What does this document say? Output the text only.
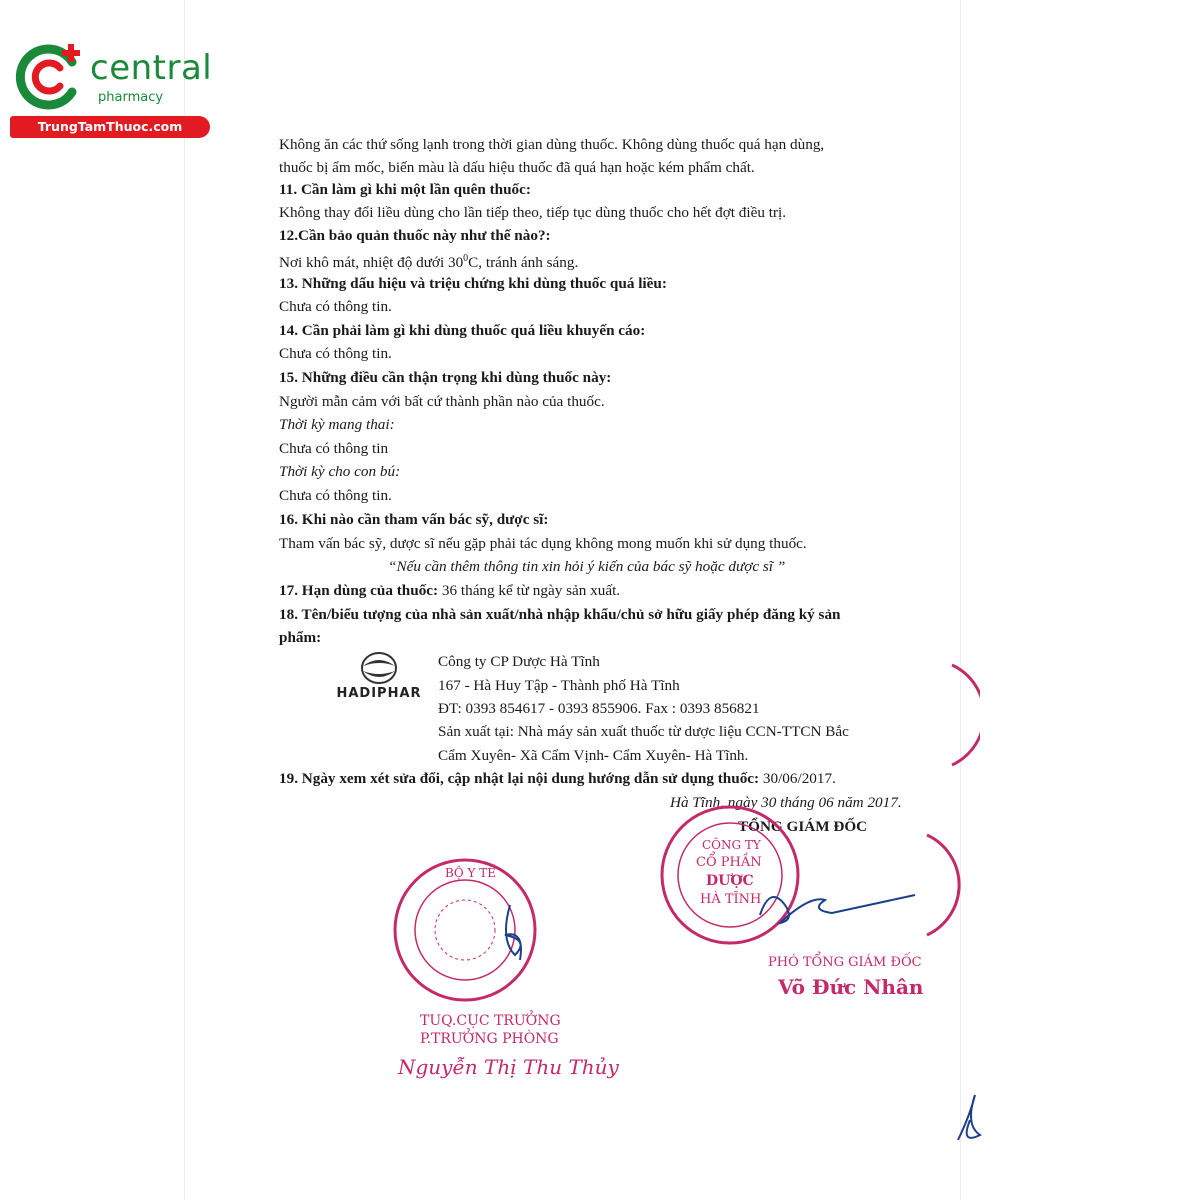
central
pharmacy
TrungTamThuoc.com
Không ăn các thứ sống lạnh trong thời gian dùng thuốc. Không dùng thuốc quá hạn dùng,
thuốc bị ẩm mốc, biến màu là dấu hiệu thuốc đã quá hạn hoặc kém phẩm chất.
11. Cần làm gì khi một lần quên thuốc:
Không thay đổi liều dùng cho lần tiếp theo, tiếp tục dùng thuốc cho hết đợt điều trị.
12.Cần bảo quản thuốc này như thế nào?:
Nơi khô mát, nhiệt độ dưới $30^0C$, tránh ánh sáng.
13. Những dấu hiệu và triệu chứng khi dùng thuốc quá liều:
Chưa có thông tin.
14. Cần phải làm gì khi dùng thuốc quá liều khuyến cáo:
Chưa có thông tin.
15. Những điều cần thận trọng khi dùng thuốc này:
Người mẫn cảm với bất cứ thành phần nào của thuốc.
Thời kỳ mang thai:
Chưa có thông tin
Thời kỳ cho con bú:
Chưa có thông tin.
16. Khi nào cần tham vấn bác sỹ, dược sĩ:
Tham vấn bác sỹ, dược sĩ nếu gặp phải tác dụng không mong muốn khi sử dụng thuốc.
“Nếu cần thêm thông tin xin hỏi ý kiến của bác sỹ hoặc dược sĩ ”
17. Hạn dùng của thuốc: 36 tháng kể từ ngày sản xuất.
18. Tên/biểu tượng của nhà sản xuất/nhà nhập khẩu/chủ sở hữu giấy phép đăng ký sản
phẩm:
HADIPHAR
Công ty CP Dược Hà Tĩnh
167 - Hà Huy Tập - Thành phố Hà Tĩnh
ĐT: 0393 854617 - 0393 855906. Fax : 0393 856821
Sản xuất tại: Nhà máy sản xuất thuốc từ dược liệu CCN-TTCN Bắc
Cẩm Xuyên- Xã Cẩm Vịnh- Cẩm Xuyên- Hà Tĩnh.
19. Ngày xem xét sửa đổi, cập nhật lại nội dung hướng dẫn sử dụng thuốc: 30/06/2017.
Hà Tĩnh, ngày 30 tháng 06 năm 2017.
TỔNG GIÁM ĐỐC
CÔNG TY
CỔ PHẦN
DƯỢC
HÀ TĨNH
PHÓ TỔNG GIÁM ĐỐC
Võ Đức Nhân
BỘ Y TẾ
TUQ.CỤC TRƯỞNG
P.TRƯỞNG PHÒNG
Nguyễn Thị Thu Thủy
